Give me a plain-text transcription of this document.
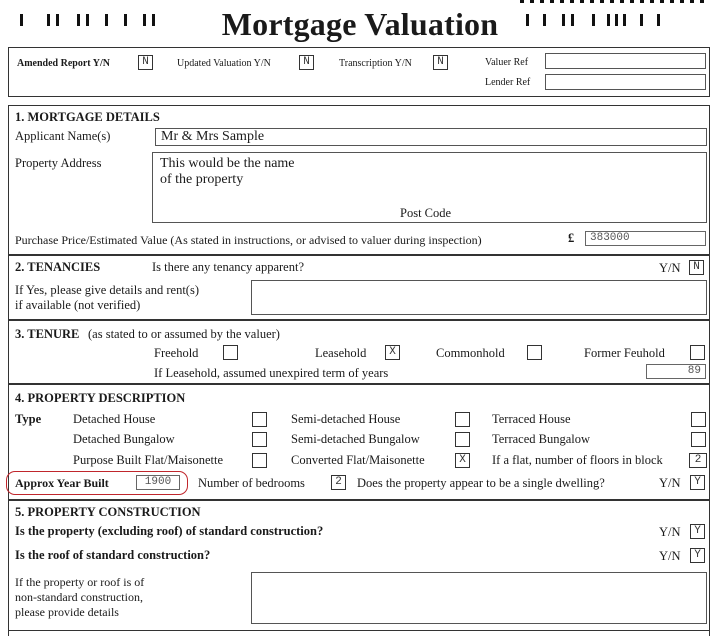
Mortgage Valuation
Amended Report Y/N	N	Updated Valuation Y/N	N	Transcription Y/N	N	Valuer Ref
Lender Ref
1. MORTGAGE DETAILS
Applicant Name(s)	Mr & Mrs Sample
Property Address	This would be the name
of the property
Post Code
Purchase Price/Estimated Value (As stated in instructions, or advised to valuer during inspection)	£	383000
2. TENANCIES	Is there any tenancy apparent?	Y/N	N
If Yes, please give details and rent(s)
if available (not verified)
3. TENURE (as stated to or assumed by the valuer)
Freehold	Leasehold	X	Commonhold	Former Feuhold
If Leasehold, assumed unexpired term of years	89
4. PROPERTY DESCRIPTION
Type	Detached House	Semi-detached House	Terraced House
Detached Bungalow	Semi-detached Bungalow	Terraced Bungalow
Purpose Built Flat/Maisonette	Converted Flat/Maisonette	X	If a flat, number of floors in block	2
Approx Year Built	1900	Number of bedrooms	2	Does the property appear to be a single dwelling?	Y/N	Y
5. PROPERTY CONSTRUCTION
Is the property (excluding roof) of standard construction?	Y/N	Y
Is the roof of standard construction?	Y/N	Y
If the property or roof is of
non-standard construction,
please provide details
